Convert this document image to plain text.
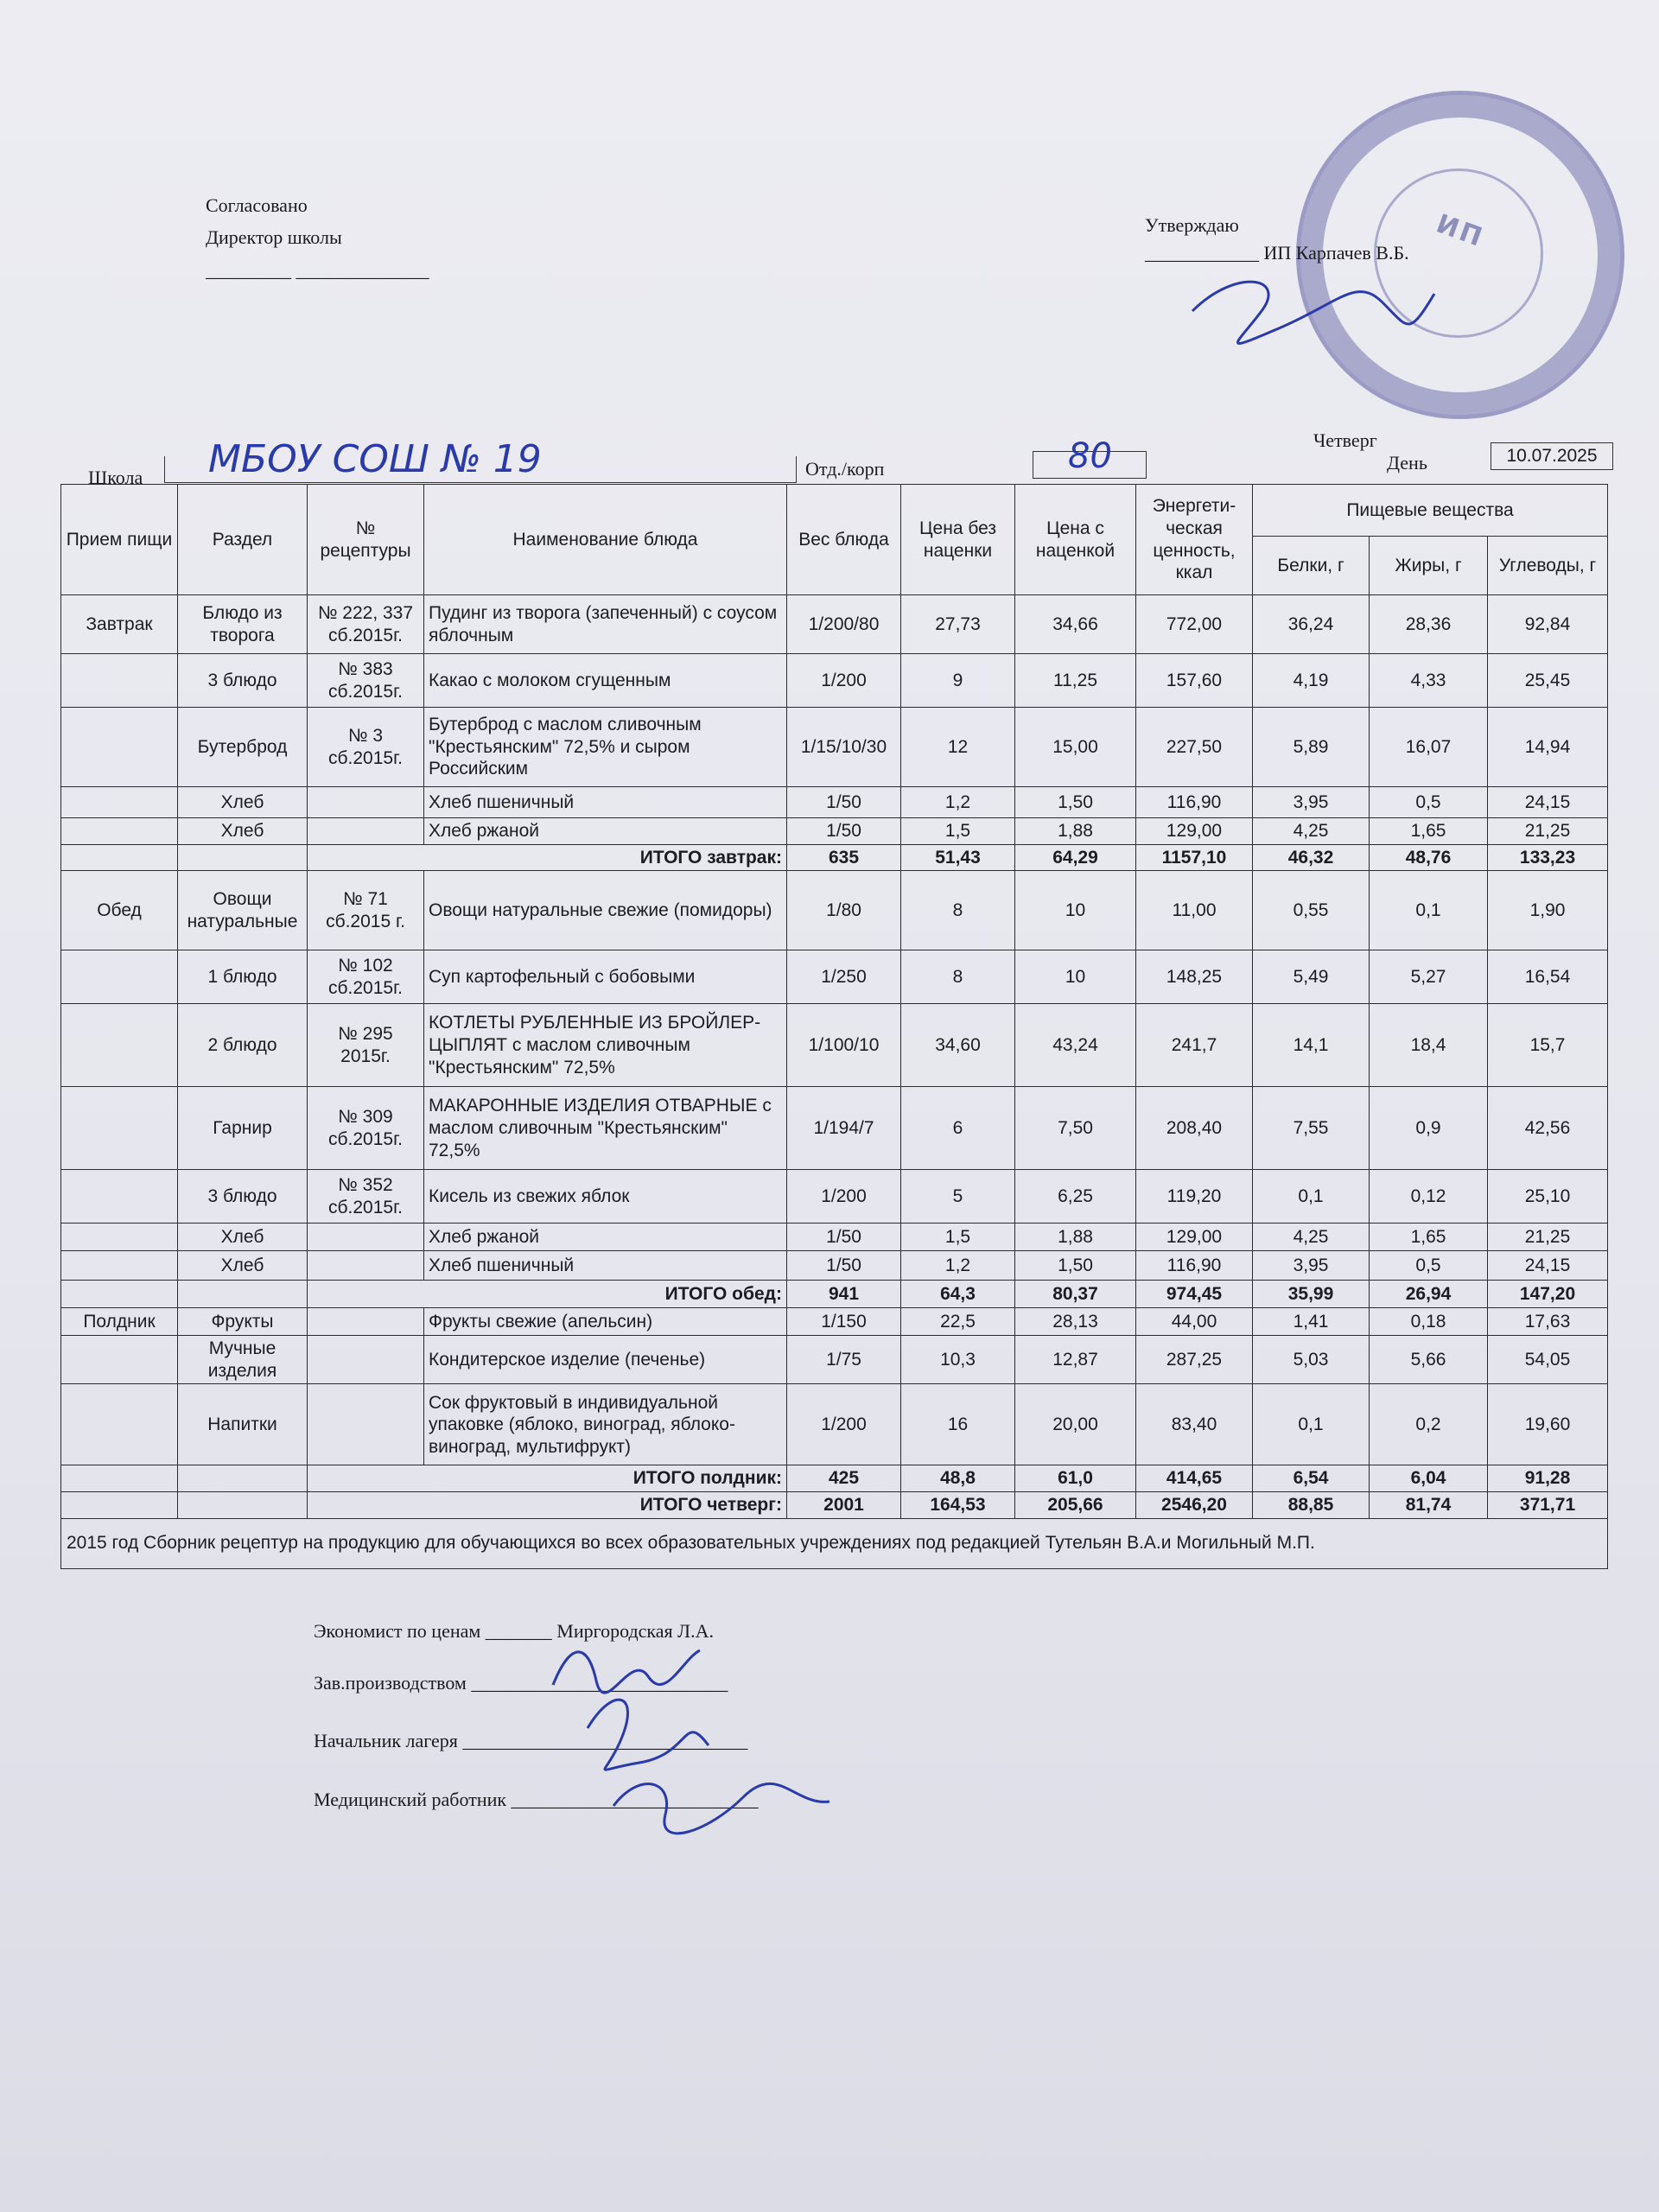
Согласовано
Директор школы
_________ ______________
ИП
Утверждаю
____________ ИП Карпачев В.Б.
Четверг
Школа МБОУ СОШ № 19	Отд./корп	80	День	10.07.2025
Прием пищи	Раздел	№ рецептуры	Наименование блюда	Вес блюда	Цена без наценки	Цена с наценкой	Энергети-ческая ценность, ккал	Пищевые вещества		
								Белки, г	Жиры, г	Углеводы, г
Завтрак	Блюдо из творога	№ 222, 337 сб.2015г.	Пудинг из творога (запеченный) с соусом яблочным	1/200/80	27,73	34,66	772,00	36,24	28,36	92,84
	3 блюдо	№ 383 сб.2015г.	Какао с молоком сгущенным	1/200	9	11,25	157,60	4,19	4,33	25,45
	Бутерброд	№ 3 сб.2015г.	Бутерброд с маслом сливочным "Крестьянским" 72,5% и сыром Российским	1/15/10/30	12	15,00	227,50	5,89	16,07	14,94
	Хлеб		Хлеб пшеничный	1/50	1,2	1,50	116,90	3,95	0,5	24,15
	Хлеб		Хлеб ржаной	1/50	1,5	1,88	129,00	4,25	1,65	21,25
		ИТОГО завтрак:		635	51,43	64,29	1157,10	46,32	48,76	133,23
Обед	Овощи натуральные	№ 71 сб.2015 г.	Овощи натуральные свежие (помидоры)	1/80	8	10	11,00	0,55	0,1	1,90
	1 блюдо	№ 102 сб.2015г.	Суп картофельный с бобовыми	1/250	8	10	148,25	5,49	5,27	16,54
	2 блюдо	№ 295 2015г.	КОТЛЕТЫ РУБЛЕННЫЕ ИЗ БРОЙЛЕР-ЦЫПЛЯТ с маслом сливочным "Крестьянским" 72,5%	1/100/10	34,60	43,24	241,7	14,1	18,4	15,7
	Гарнир	№ 309 сб.2015г.	МАКАРОННЫЕ ИЗДЕЛИЯ ОТВАРНЫЕ с маслом сливочным "Крестьянским" 72,5%	1/194/7	6	7,50	208,40	7,55	0,9	42,56
	3 блюдо	№ 352 сб.2015г.	Кисель из свежих яблок	1/200	5	6,25	119,20	0,1	0,12	25,10
	Хлеб		Хлеб ржаной	1/50	1,5	1,88	129,00	4,25	1,65	21,25
	Хлеб		Хлеб пшеничный	1/50	1,2	1,50	116,90	3,95	0,5	24,15
		ИТОГО обед:		941	64,3	80,37	974,45	35,99	26,94	147,20
Полдник	Фрукты		Фрукты свежие (апельсин)	1/150	22,5	28,13	44,00	1,41	0,18	17,63
	Мучные изделия		Кондитерское изделие (печенье)	1/75	10,3	12,87	287,25	5,03	5,66	54,05
	Напитки		Сок фруктовый в индивидуальной упаковке (яблоко, виноград, яблоко-виноград, мультифрукт)	1/200	16	20,00	83,40	0,1	0,2	19,60
		ИТОГО полдник:		425	48,8	61,0	414,65	6,54	6,04	91,28
		ИТОГО четверг:		2001	164,53	205,66	2546,20	88,85	81,74	371,71
2015 год Сборник рецептур на продукцию для обучающихся во всех образовательных учреждениях под редакцией Тутельян В.А.и Могильный М.П.										
Экономист по ценам _______ Миргородская Л.А.
Зав.производством ___________________________
Начальник лагеря ______________________________
Медицинский работник __________________________
